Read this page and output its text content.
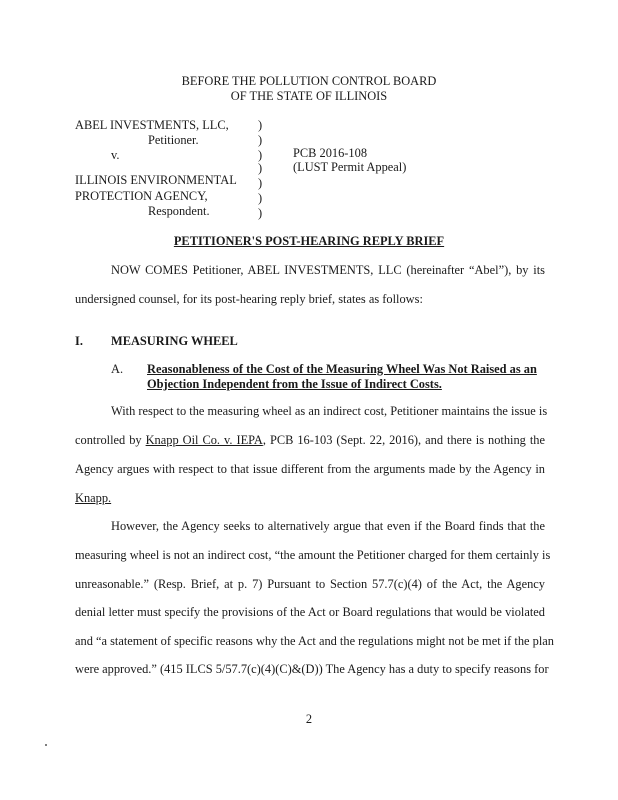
BEFORE THE POLLUTION CONTROL BOARD
OF THE STATE OF ILLINOIS
ABEL INVESTMENTS, LLC,
Petitioner.
v.
ILLINOIS ENVIRONMENTAL
PROTECTION AGENCY,
Respondent.
)
)
)
)
)
)
)
PCB 2016-108
(LUST Permit Appeal)
PETITIONER'S POST-HEARING REPLY BRIEF
NOW COMES Petitioner, ABEL INVESTMENTS, LLC (hereinafter “Abel”), by its
undersigned counsel, for its post-hearing reply brief, states as follows:
I. MEASURING WHEEL
A. Reasonableness of the Cost of the Measuring Wheel Was Not Raised as an
Objection Independent from the Issue of Indirect Costs.
With respect to the measuring wheel as an indirect cost, Petitioner maintains the issue is
controlled by Knapp Oil Co. v. IEPA, PCB 16-103 (Sept. 22, 2016), and there is nothing the
Agency argues with respect to that issue different from the arguments made by the Agency in
Knapp.
However, the Agency seeks to alternatively argue that even if the Board finds that the
measuring wheel is not an indirect cost, “the amount the Petitioner charged for them certainly is
unreasonable.” (Resp. Brief, at p. 7) Pursuant to Section 57.7(c)(4) of the Act, the Agency
denial letter must specify the provisions of the Act or Board regulations that would be violated
and “a statement of specific reasons why the Act and the regulations might not be met if the plan
were approved.” (415 ILCS 5/57.7(c)(4)(C)&(D)) The Agency has a duty to specify reasons for
2
